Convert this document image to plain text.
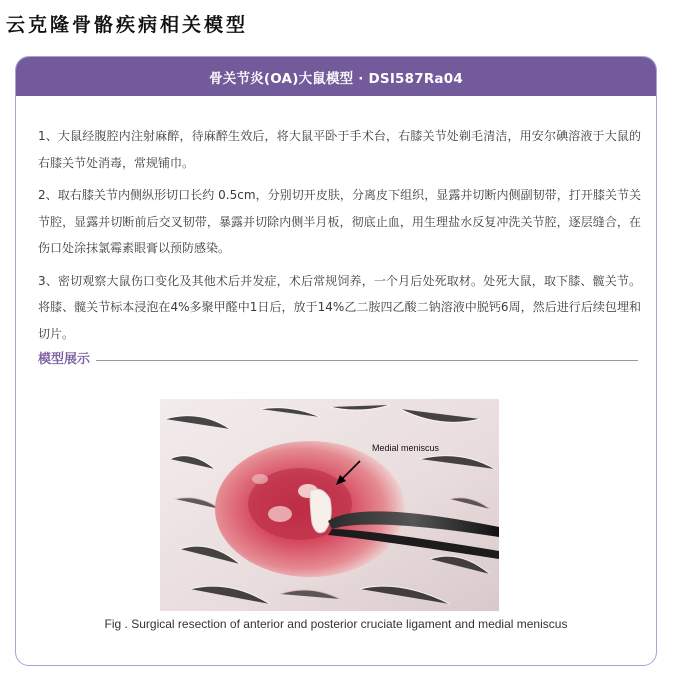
云克隆骨骼疾病相关模型
骨关节炎(OA)大鼠模型 · DSI587Ra04

1、大鼠经腹腔内注射麻醉，待麻醉生效后，将大鼠平卧于手术台，右膝关节处剃毛清洁，用安尔碘溶液于大鼠的右膝关节处消毒，常规铺巾。

2、取右膝关节内侧纵形切口长约 0.5cm，分别切开皮肤，分离皮下组织，显露并切断内侧副韧带，打开膝关节关节腔，显露并切断前后交叉韧带，暴露并切除内侧半月板，彻底止血，用生理盐水反复冲洗关节腔，逐层缝合，在伤口处涂抹氯霉素眼膏以预防感染。

3、密切观察大鼠伤口变化及其他术后并发症，术后常规饲养，一个月后处死取材。处死大鼠，取下膝、髋关节。将膝、髋关节标本浸泡在4%多聚甲醛中1日后，放于14%乙二胺四乙酸二钠溶液中脱钙6周，然后进行后续包埋和切片。

模型展示
Medial meniscus
Fig . Surgical resection of anterior and posterior cruciate ligament and medial meniscus
